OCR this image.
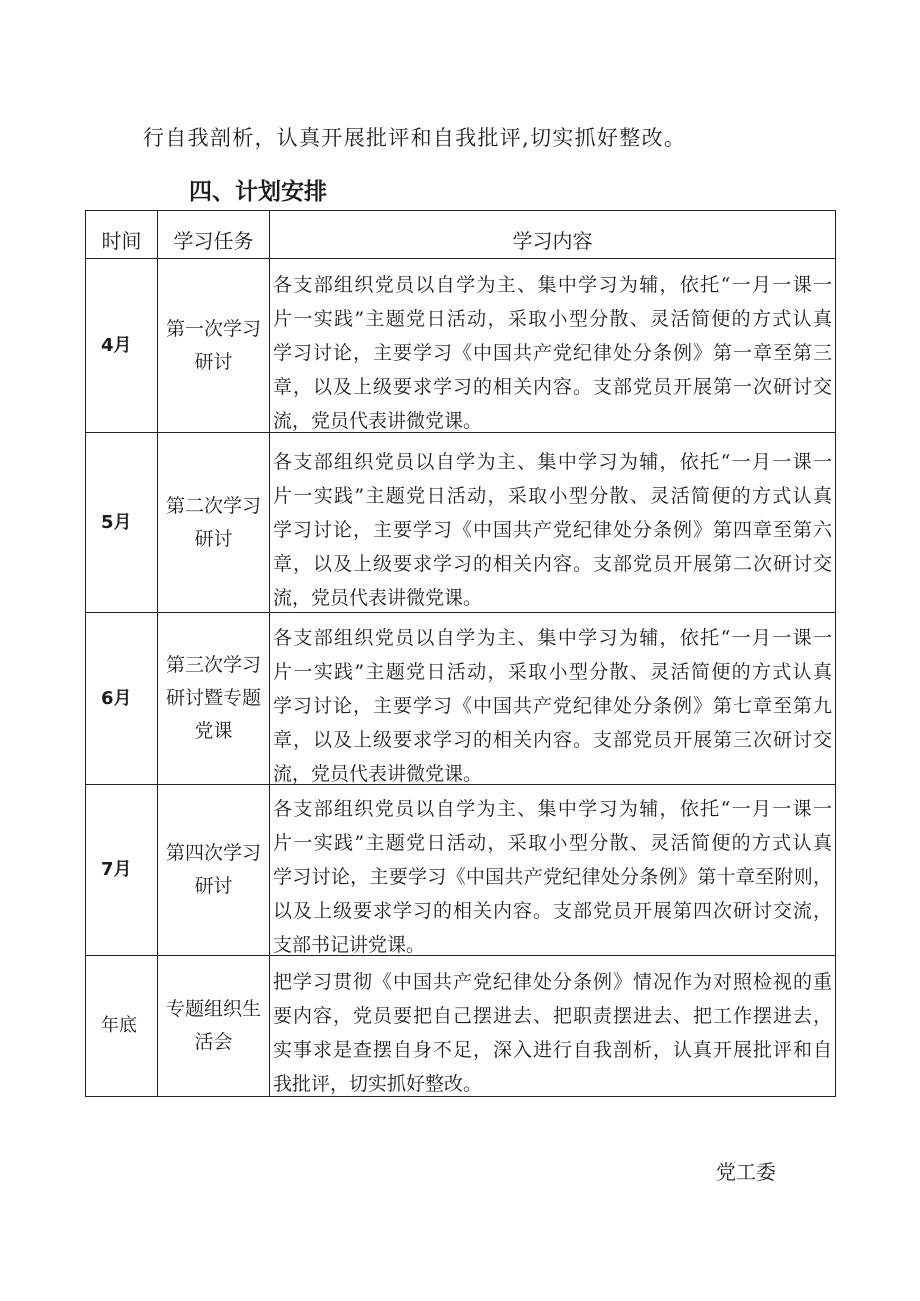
行自我剖析，认真开展批评和自我批评,切实抓好整改。

四、计划安排
时间 学习任务	学习内容
4月
第一次学习
研讨
各支部组织党员以自学为主、集中学习为辅，依托“一月一课一
片一实践”主题党日活动，采取小型分散、灵活简便的方式认真
学习讨论，主要学习《中国共产党纪律处分条例》第一章至第三
章，以及上级要求学习的相关内容。支部党员开展第一次研讨交
流，党员代表讲微党课。
5月
第二次学习
研讨
各支部组织党员以自学为主、集中学习为辅，依托“一月一课一
片一实践”主题党日活动，采取小型分散、灵活简便的方式认真
学习讨论，主要学习《中国共产党纪律处分条例》第四章至第六
章，以及上级要求学习的相关内容。支部党员开展第二次研讨交
流，党员代表讲微党课。
6月
第三次学习
研讨暨专题
党课
各支部组织党员以自学为主、集中学习为辅，依托“一月一课一
片一实践”主题党日活动，采取小型分散、灵活简便的方式认真
学习讨论，主要学习《中国共产党纪律处分条例》第七章至第九
章，以及上级要求学习的相关内容。支部党员开展第三次研讨交
流，党员代表讲微党课。
7月
第四次学习
研讨
各支部组织党员以自学为主、集中学习为辅，依托“一月一课一
片一实践”主题党日活动，采取小型分散、灵活简便的方式认真
学习讨论，主要学习《中国共产党纪律处分条例》第十章至附则，
以及上级要求学习的相关内容。支部党员开展第四次研讨交流，
支部书记讲党课。
年底
专题组织生
活会
把学习贯彻《中国共产党纪律处分条例》情况作为对照检视的重
要内容，党员要把自己摆进去、把职责摆进去、把工作摆进去，
实事求是查摆自身不足，深入进行自我剖析，认真开展批评和自
我批评，切实抓好整改。
党工委
